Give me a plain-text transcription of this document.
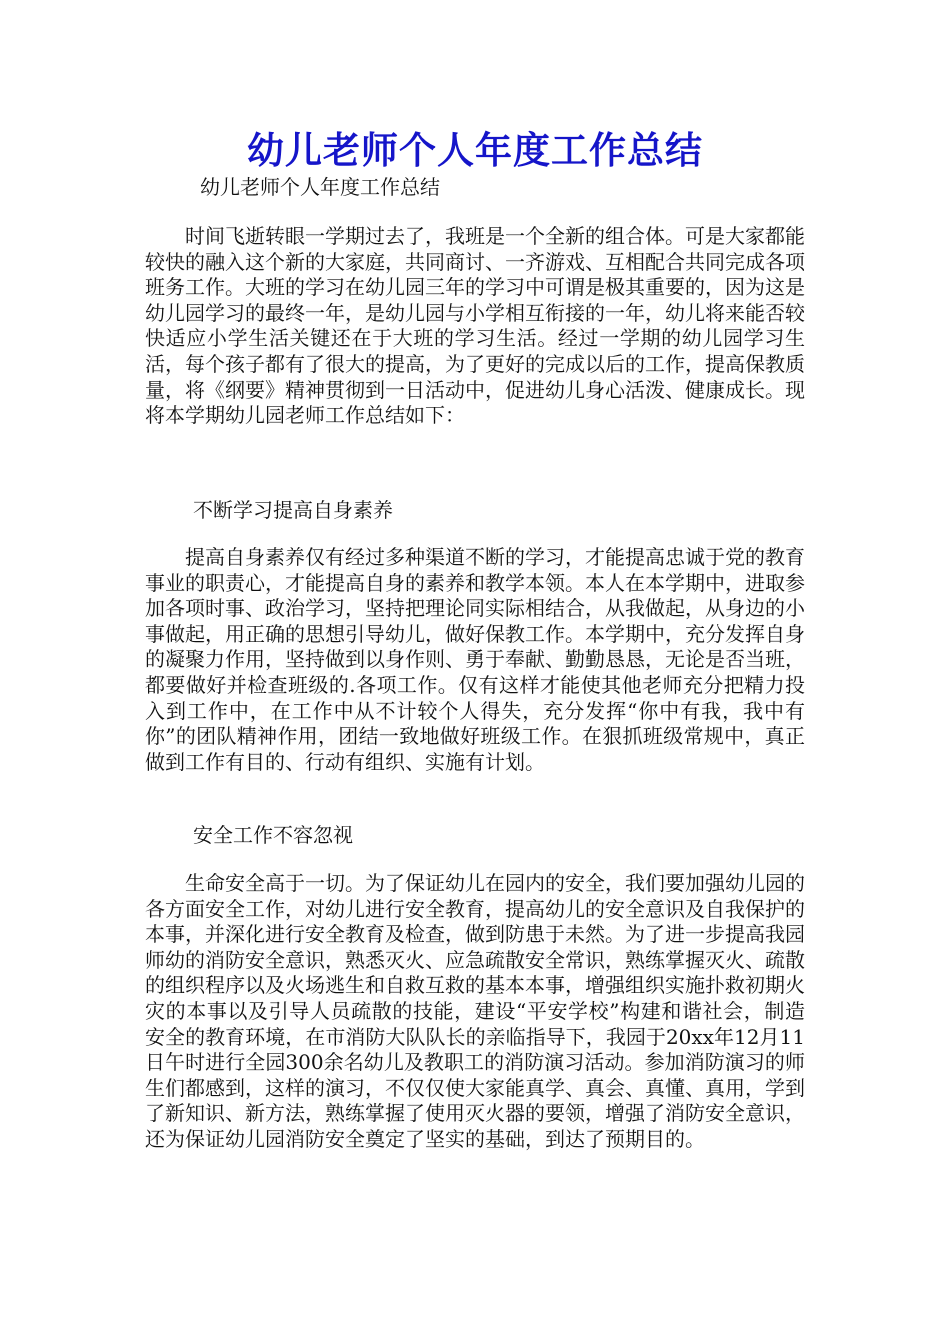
幼儿老师个人年度工作总结
幼儿老师个人年度工作总结
时间飞逝转眼一学期过去了，我班是一个全新的组合体。可是大家都能较快的融入这个新的大家庭，共同商讨、一齐游戏、互相配合共同完成各项班务工作。大班的学习在幼儿园三年的学习中可谓是极其重要的，因为这是幼儿园学习的最终一年，是幼儿园与小学相互衔接的一年，幼儿将来能否较快适应小学生活关键还在于大班的学习生活。经过一学期的幼儿园学习生活，每个孩子都有了很大的提高，为了更好的完成以后的工作，提高保教质量，将《纲要》精神贯彻到一日活动中，促进幼儿身心活泼、健康成长。现将本学期幼儿园老师工作总结如下：
不断学习提高自身素养
提高自身素养仅有经过多种渠道不断的学习，才能提高忠诚于党的教育事业的职责心，才能提高自身的素养和教学本领。本人在本学期中，进取参加各项时事、政治学习，坚持把理论同实际相结合，从我做起，从身边的小事做起，用正确的思想引导幼儿，做好保教工作。本学期中，充分发挥自身的凝聚力作用，坚持做到以身作则、勇于奉献、勤勤恳恳，无论是否当班，都要做好并检查班级的.各项工作。仅有这样才能使其他老师充分把精力投入到工作中，在工作中从不计较个人得失，充分发挥“你中有我，我中有你”的团队精神作用，团结一致地做好班级工作。在狠抓班级常规中，真正做到工作有目的、行动有组织、实施有计划。
安全工作不容忽视
生命安全高于一切。为了保证幼儿在园内的安全，我们要加强幼儿园的各方面安全工作，对幼儿进行安全教育，提高幼儿的安全意识及自我保护的本事，并深化进行安全教育及检查，做到防患于未然。为了进一步提高我园师幼的消防安全意识，熟悉灭火、应急疏散安全常识，熟练掌握灭火、疏散的组织程序以及火场逃生和自救互救的基本本事，增强组织实施扑救初期火灾的本事以及引导人员疏散的技能，建设“平安学校”构建和谐社会，制造安全的教育环境，在市消防大队队长的亲临指导下，我园于20xx年12月11日午时进行全园300余名幼儿及教职工的消防演习活动。参加消防演习的师生们都感到，这样的演习，不仅仅使大家能真学、真会、真懂、真用，学到了新知识、新方法，熟练掌握了使用灭火器的要领，增强了消防安全意识，还为保证幼儿园消防安全奠定了坚实的基础，到达了预期目的。
